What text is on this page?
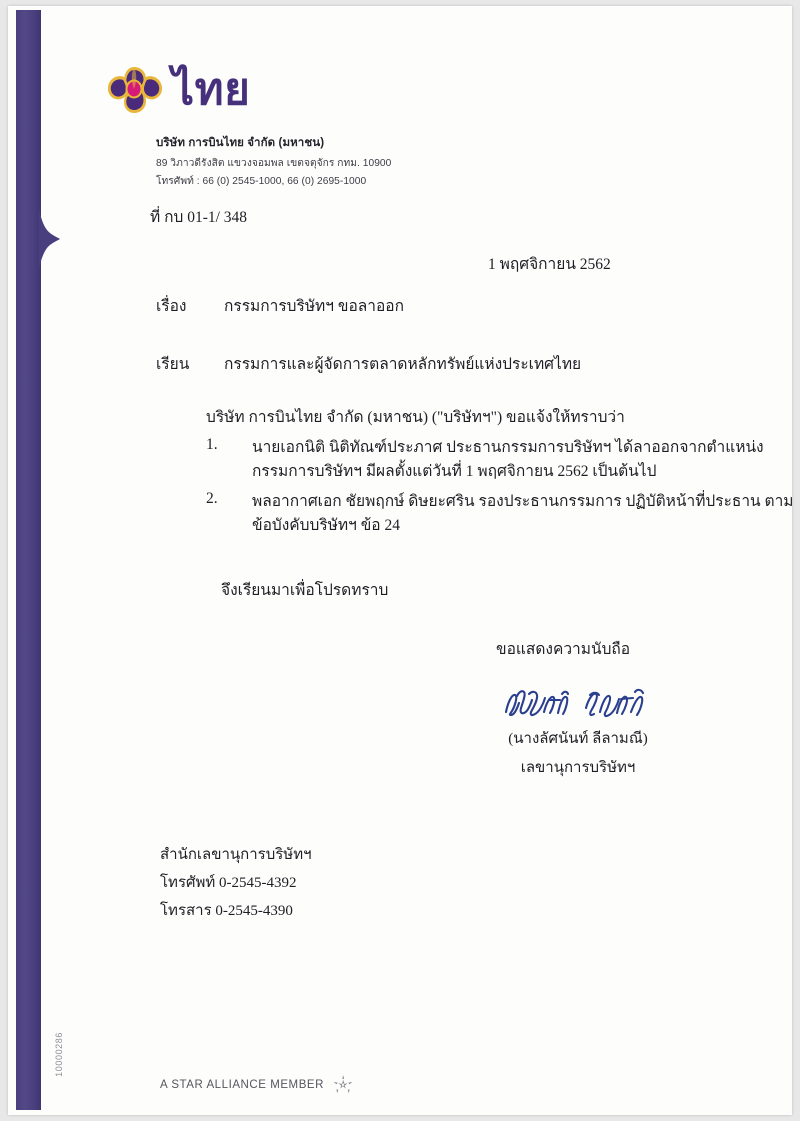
10000286
ไทย
บริษัท การบินไทย จำกัด (มหาชน)
89 วิภาวดีรังสิต แขวงจอมพล เขตจตุจักร กทม. 10900
โทรศัพท์ : 66 (0) 2545-1000, 66 (0) 2695-1000
ที่ กบ 01-1/ 348
1 พฤศจิกายน 2562
เรื่อง	กรรมการบริษัทฯ ขอลาออก
เรียน	กรรมการและผู้จัดการตลาดหลักทรัพย์แห่งประเทศไทย
บริษัท การบินไทย จำกัด (มหาชน) ("บริษัทฯ") ขอแจ้งให้ทราบว่า
1.	นายเอกนิติ นิติทัณฑ์ประภาศ ประธานกรรมการบริษัทฯ ได้ลาออกจากตำแหน่ง กรรมการบริษัทฯ มีผลตั้งแต่วันที่ 1 พฤศจิกายน 2562 เป็นต้นไป
2.	พลอากาศเอก ชัยพฤกษ์ ดิษยะศริน รองประธานกรรมการ ปฏิบัติหน้าที่ประธาน ตาม ข้อบังคับบริษัทฯ ข้อ 24
จึงเรียนมาเพื่อโปรดทราบ
ขอแสดงความนับถือ
(นางลัศนันท์ ลีลามณี)
เลขานุการบริษัทฯ
สำนักเลขานุการบริษัทฯ
โทรศัพท์ 0-2545-4392
โทรสาร 0-2545-4390
A STAR ALLIANCE MEMBER
